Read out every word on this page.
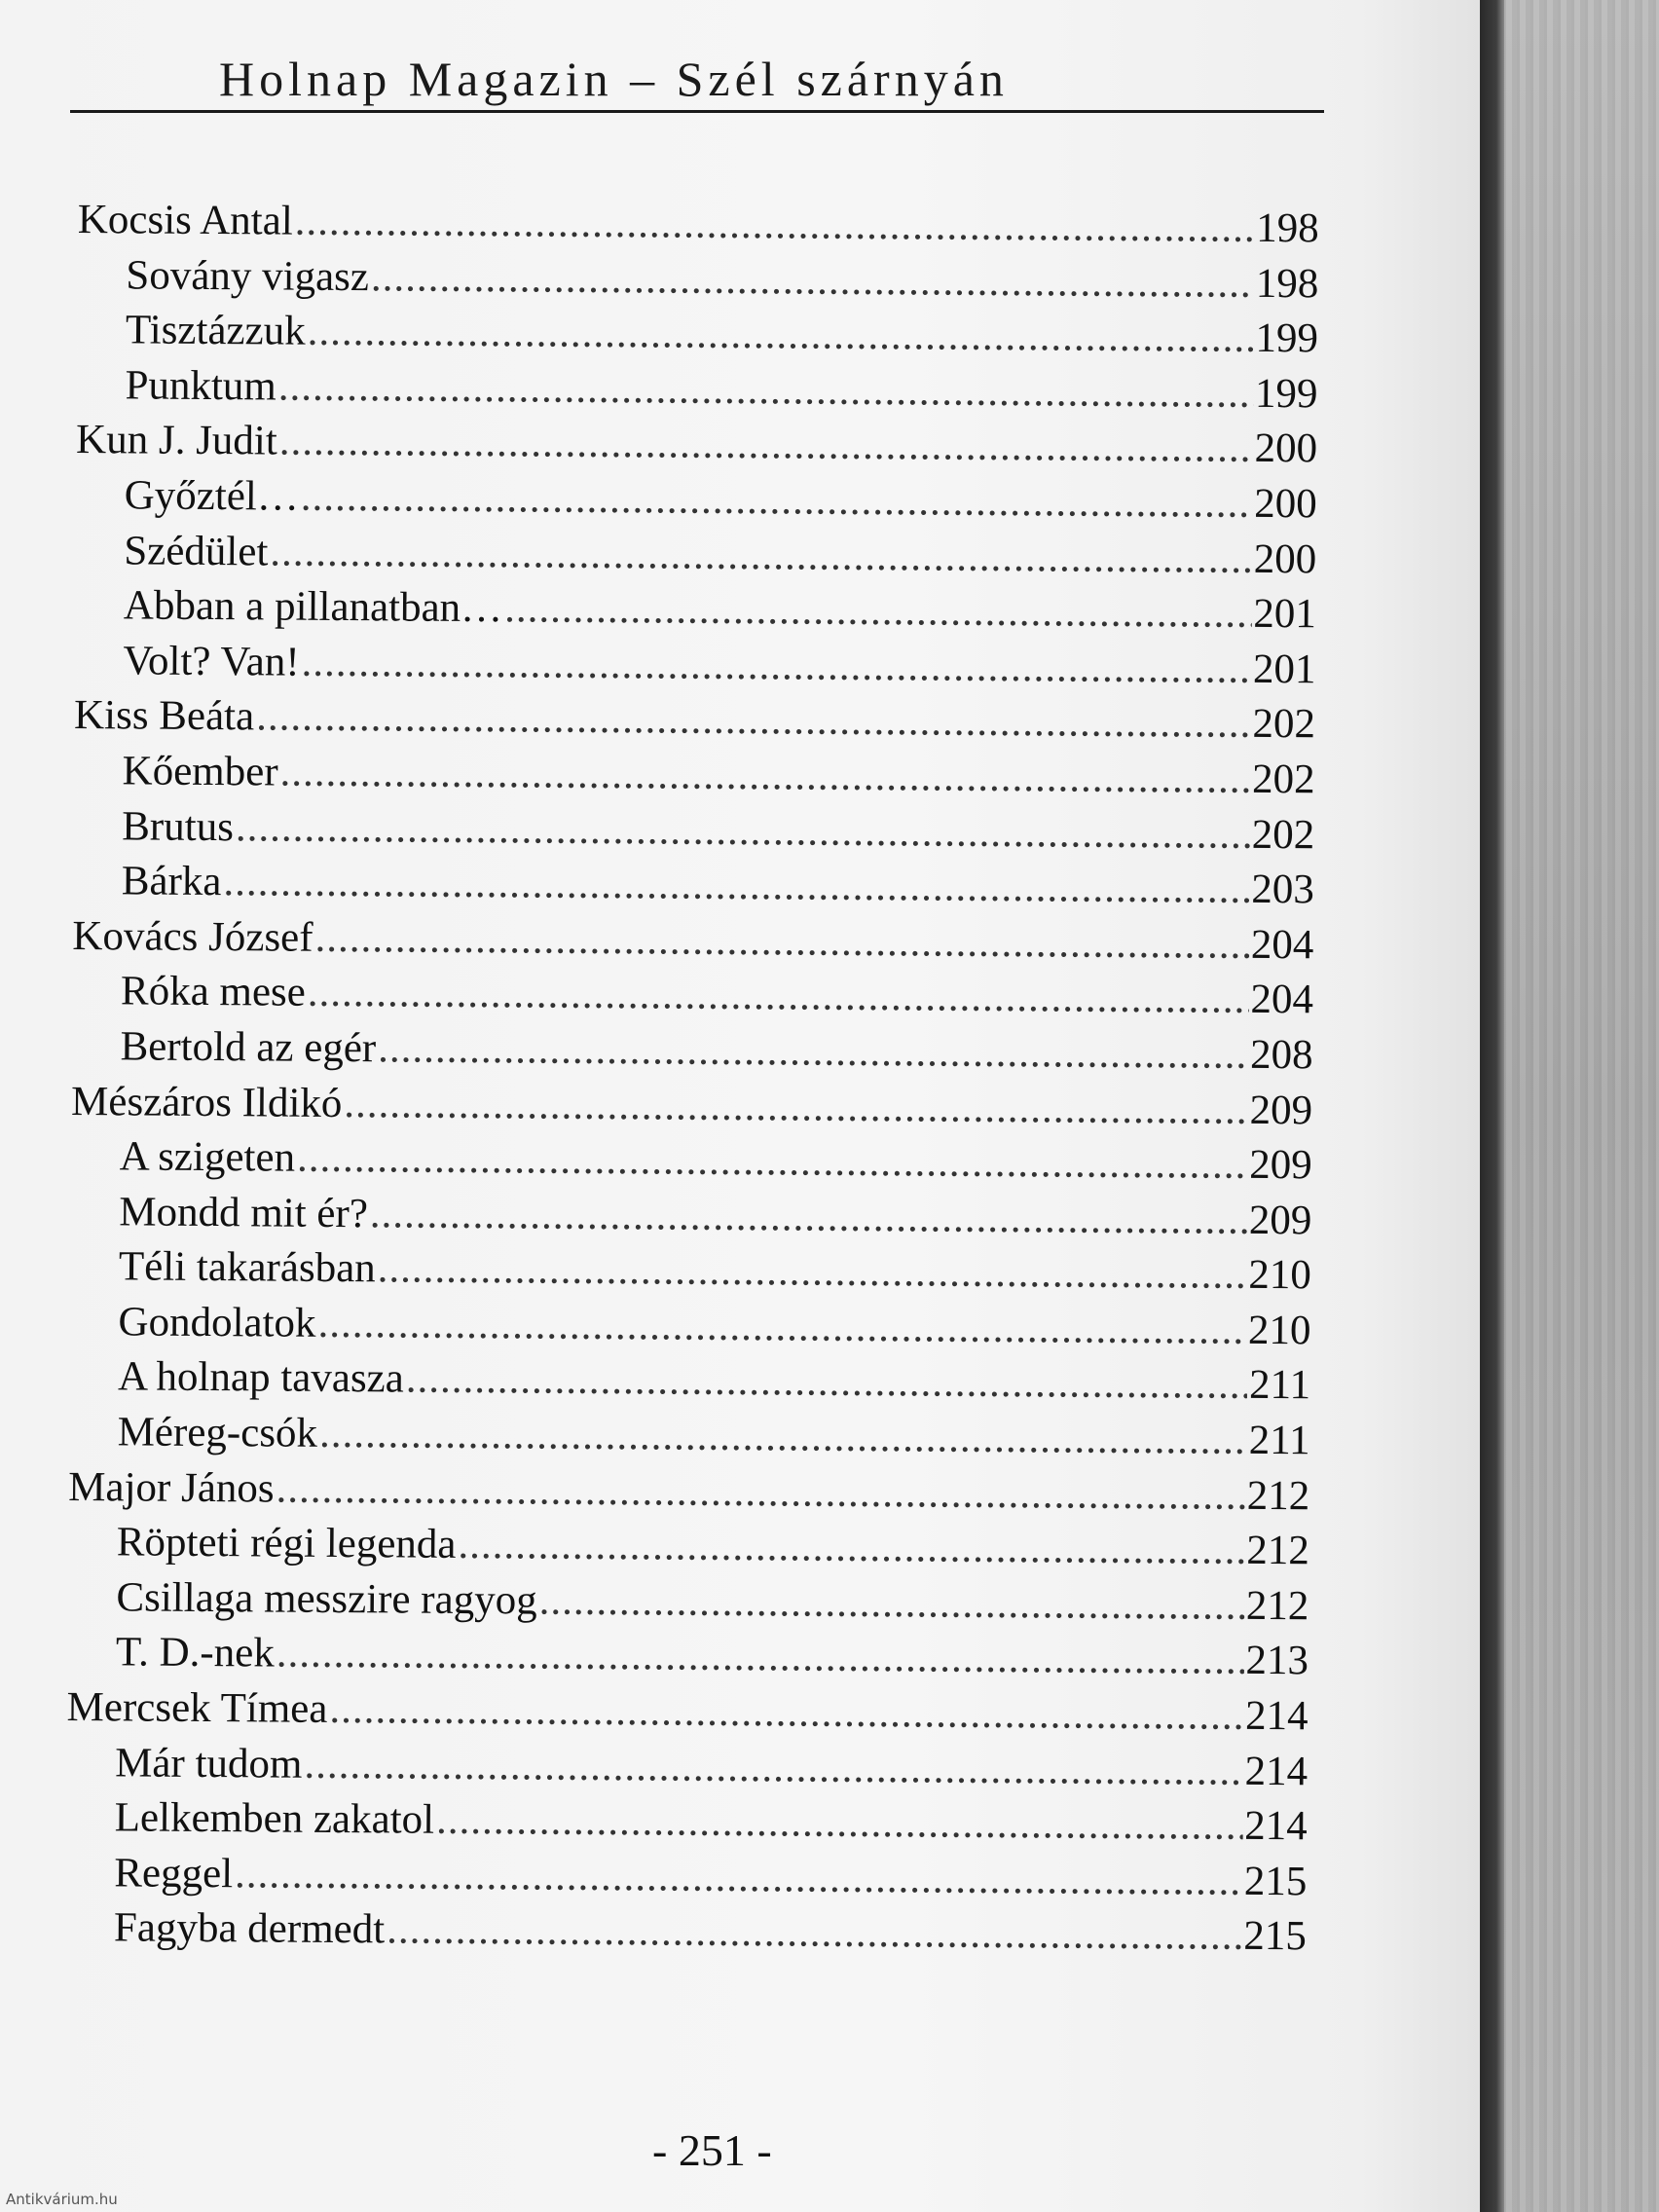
Holnap Magazin – Szél szárnyán
Kocsis Antal .....	198
Sovány vigasz .....	198
Tisztázzuk .....	199
Punktum .....	199
Kun J. Judit .....	200
Győztél… .....	200
Szédület .....	200
Abban a pillanatban… .....	201
Volt? Van! .....	201
Kiss Beáta .....	202
Kőember .....	202
Brutus .....	202
Bárka .....	203
Kovács József .....	204
Róka mese .....	204
Bertold az egér .....	208
Mészáros Ildikó .....	209
A szigeten .....	209
Mondd mit ér? .....	209
Téli takarásban .....	210
Gondolatok .....	210
A holnap tavasza .....	211
Méreg-csók .....	211
Major János .....	212
Röpteti régi legenda .....	212
Csillaga messzire ragyog .....	212
T. D.-nek .....	213
Mercsek Tímea .....	214
Már tudom .....	214
Lelkemben zakatol .....	214
Reggel .....	215
Fagyba dermedt .....	215
- 251 -
Antikvárium.hu
